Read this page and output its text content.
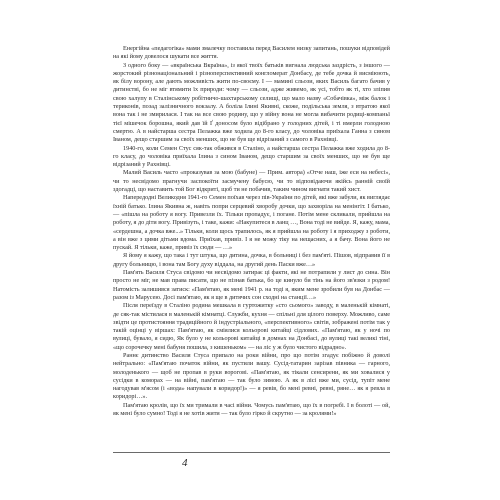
Енергійна «педагогіка» мами змалечку поставила перед Василем низку запитань, пошуки відповідей на які йому довелося шукати все життя.

З одного боку — «вкраїнська Вкраїна», із якої твоїх батьків вигнала людська заздрість, з іншого — жорстокий різнонаціональний і різноперспективний конгломерат Донбасу, де тебе дочка й висміюють, як білу ворону, але дають можливість жити по-своєму. І — мамині сльози, яких Василь багато бачив у дитинстві, бо не міг втямити їх природи: чому — сльози, адже живемо, як усі, тобто як ті, хто зліпив свою халупу в Сталінському робітничо-шахтарському селищі, що мало назву «Собачівка», між балок і териконів, позад залізничного вокзалу. А боліла Ілині Якивні, скоже, подільська земля, з втратою якої вона так і не змирилася. І так на все свою родину, що у війну вона не могла вибачити родиці-компаньї тієї мішечок борошна, який дав їй Ґ доносом було відібрано у голодних дітей, і ті вмерли голодною смертю. А в найстарша сестра Пелажка вже ходила до 8-го класу, до чоловіка приїхала Ганна з сином Іваном, дещо старшим за своїх менших, що не був ще відрізаний з самого в Рахнівці.

1940-го, коли Семен Стус сяк-так обжився в Сталіно, а найстарша сестра Пелажка вже ходила до 8-го класу, до чоловіка приїхала Ілина з сином Іваном, дещо старшим за своїх менших, що не був ще відрізаний у Рахнівці.

Малий Василь часто «проказував за мою (бабуне) — Прим. автора) «Отче наш, іже еси на небесі», чи то несвідомо прагнучи заспокоїти засмучену бабусю, чи то відповідаючи якійсь ранній своїй здогадці, що наставить той Бог відкриті, щоб ти не побачив, таким чином вигнати такий хист.

Напередодні Великодня 1941-го Семен поїхав через пів-України по дітей, які вже забули, як виглядає їхній батько. Ілина Якивна ж, навіть попри серцевий хворобу дочки, що захворіла на менінгіт. І батько, — «пішла на роботу я вогу. Привезли їх. Тільки пропадує, і погане. Потім мене скликали, прийшла на роботу, я до діти вогу. Привізуть, і таке, кажи: «Накупитеся в ланц …, Вона тоді не вийде. Я, кажу, мама, «сердешна, а дочка вже...» Тільки, коли щось трапилось, як я прийшла на роботу і я приходжу з роботи, а він вже з цими дітьми вдома. Приїхав, привіз. І я не можу тіку на нещасних, а я бачу. Вона його не пускай. Я тільки, каже, привіз їх сюди — …»

Я йому я кажу, що така і тут штука, що дитина, дочка, в больниці і без пам'яті. Пішов, відправив її в другу больницю, і вона там Богу духу віддала, на другий день Паски вже…»

Пам'ять Василя Стуса свідомо чи несвідомо затирає ці факти, які не потрапили у лист до сина. Він просто не міг, не мав права писати, що не пізнав батька, бо це кинуло би тінь на його зв'язки з родом! Натомість залишився затиск: «Пам'ятаю, як мені 1941 р. на тоді я, яким мене зробили був на Донбас — разом із Марусею. Досі пам'ятаю, як я ще в дитячих сон сходні на станції…»

Після переїзду в Сталіно родина мешкала в гуртожитку «сто сьомого» заводу, в маленькій кімнаті, де сяк-так містилася в маленькій кімнатці. Служби, кухня — спільні для цілого поверху. Можливо, саме звідти це протистояння традиційного й індустріального, «перспективного» світів, зображені потім так у такій оцінці у віршах: Пам'ятаю, як сміялися кольорові китайці сідлових. «Пам'ятаю, як у ночі по вулиці, бувало, я сидю, Як було у не кольорові китайці в домнах на Донбасі, до вулиці такі великі тіні, «що сорочечку мені бабуня пошила, з кишеньком» — на ліс у ж було чистого відрадно».

Раннє дитинство Василя Стуса припало на роки війни, про що потім згадує побіжно й доволі нейтрально: «Пам'ятаю початок війни, як пустили вашу. Сусід-татарин зарізав півника — гарного, молоденького — щоб не пропав в руки ворогові. «Пам'ятаю, як тікали сенсирени, як ми ховалися у сусідки в коморах — на війні, пам'ятаю — так було зимою. А як в лісі вже ми, сусід, тупіт мене нагодував м'ясом (і «вода» напували в коридор!)» — я ревів, бо мені ревні, ревні, ряне… як я ревла в коридорі…».

Пам'ятаю кролів, що їх ми тримали в часі війни. Чомусь пам'ятаю, що їх в погребі. І в болоті — ой, як мені було сумно! Тоді я не хотів жити — так було гірко й скрутно — за кролями!»

4
